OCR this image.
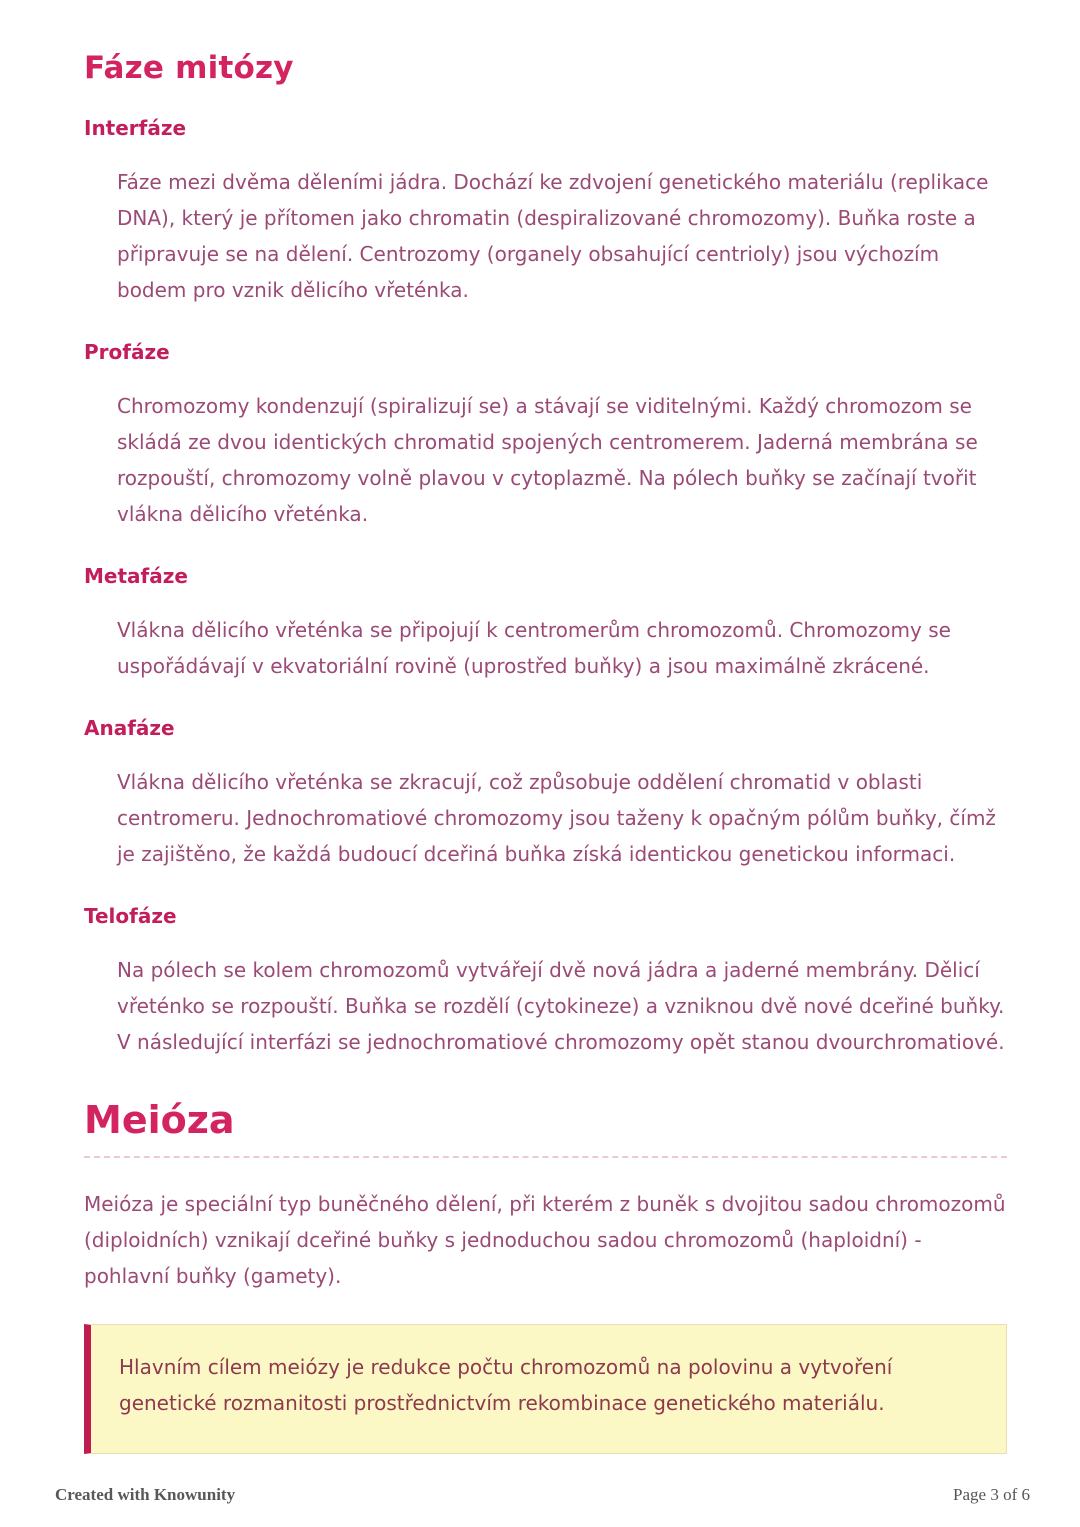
Fáze mitózy
Interfáze

Fáze mezi dvěma děleními jádra. Dochází ke zdvojení genetického materiálu (replikace DNA), který je přítomen jako chromatin (despiralizované chromozomy). Buňka roste a připravuje se na dělení. Centrozomy (organely obsahující centrioly) jsou výchozím bodem pro vznik dělicího vřeténka.

Profáze

Chromozomy kondenzují (spiralizují se) a stávají se viditelnými. Každý chromozom se skládá ze dvou identických chromatid spojených centromerem. Jaderná membrána se rozpouští, chromozomy volně plavou v cytoplazmě. Na pólech buňky se začínají tvořit vlákna dělicího vřeténka.

Metafáze

Vlákna dělicího vřeténka se připojují k centromerům chromozomů. Chromozomy se uspořádávají v ekvatoriální rovině (uprostřed buňky) a jsou maximálně zkrácené.

Anafáze

Vlákna dělicího vřeténka se zkracují, což způsobuje oddělení chromatid v oblasti centromeru. Jednochromatiové chromozomy jsou taženy k opačným pólům buňky, čímž je zajištěno, že každá budoucí dceřiná buňka získá identickou genetickou informaci.

Telofáze

Na pólech se kolem chromozomů vytvářejí dvě nová jádra a jaderné membrány. Dělicí vřeténko se rozpouští. Buňka se rozdělí (cytokineze) a vzniknou dvě nové dceřiné buňky. V následující interfázi se jednochromatiové chromozomy opět stanou dvourchromatiové.

Meióza

Meióza je speciální typ buněčného dělení, při kterém z buněk s dvojitou sadou chromozomů (diploidních) vznikají dceřiné buňky s jednoduchou sadou chromozomů (haploidní) - pohlavní buňky (gamety).

Hlavním cílem meiózy je redukce počtu chromozomů na polovinu a vytvoření genetické rozmanitosti prostřednictvím rekombinace genetického materiálu.

Created with Knowunity	Page 3 of 6
